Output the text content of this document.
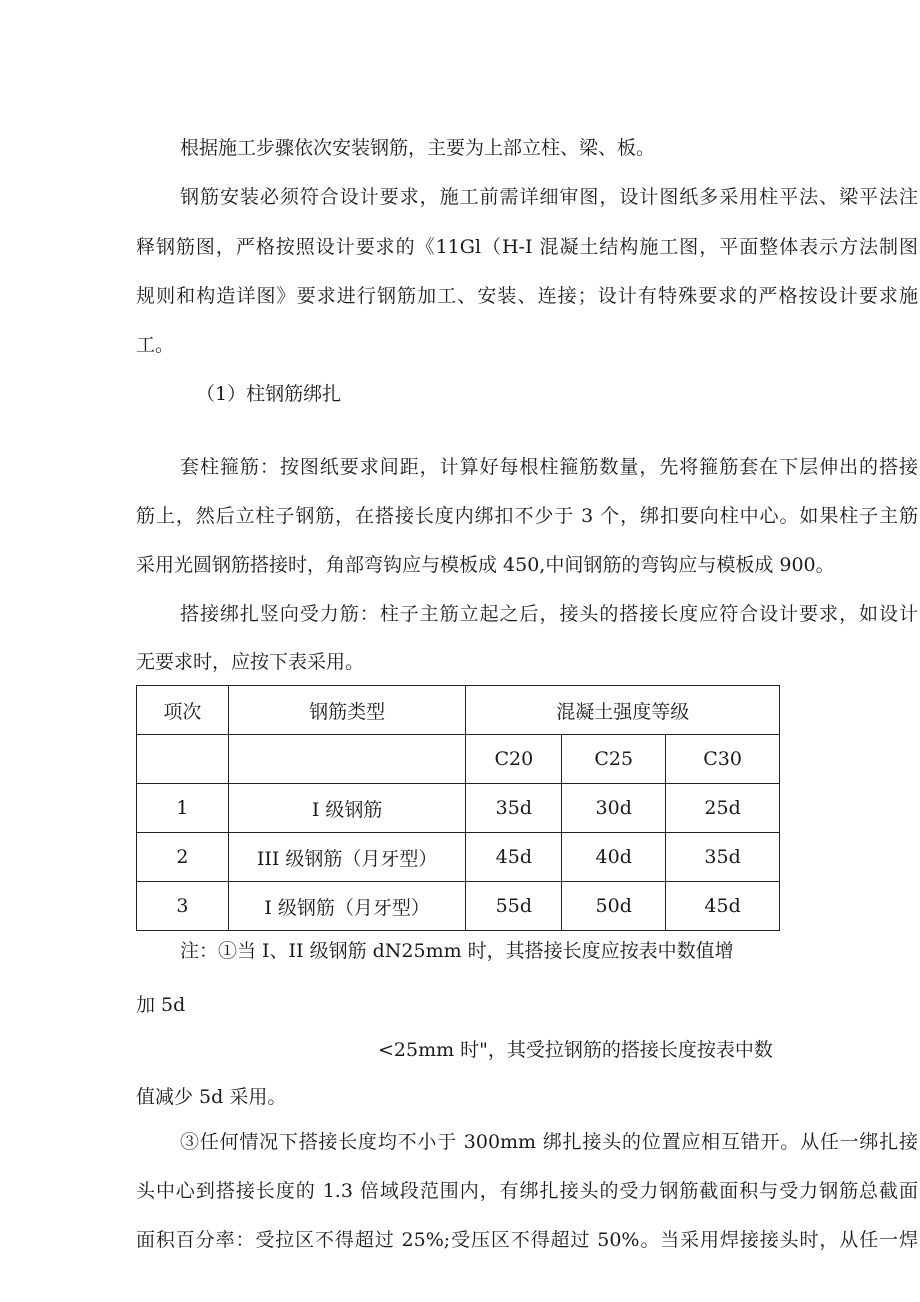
根据施工步骤依次安装钢筋，主要为上部立柱、梁、板。

钢筋安装必须符合设计要求，施工前需详细审图，设计图纸多采用柱平法、梁平法注

释钢筋图，严格按照设计要求的《11Gl（H-I 混凝土结构施工图，平面整体表示方法制图

规则和构造详图》要求进行钢筋加工、安装、连接；设计有特殊要求的严格按设计要求施

工。

（1）柱钢筋绑扎

套柱箍筋：按图纸要求间距，计算好每根柱箍筋数量，先将箍筋套在下层伸出的搭接

筋上，然后立柱子钢筋，在搭接长度内绑扣不少于 3 个，绑扣要向柱中心。如果柱子主筋

采用光圆钢筋搭接时，角部弯钩应与模板成 450,中间钢筋的弯钩应与模板成 900。

搭接绑扎竖向受力筋：柱子主筋立起之后，接头的搭接长度应符合设计要求，如设计

无要求时，应按下表采用。

项次	钢筋类型	混凝土强度等级		
		C20	C25	C30
1	I 级钢筋	35d	30d	25d
2	III 级钢筋（月牙型）	45d	40d	35d
3	I 级钢筋（月牙型）	55d	50d	45d

注：①当 I、II 级钢筋 dN25mm 时，其搭接长度应按表中数值增

加 5d

<25mm 时"，其受拉钢筋的搭接长度按表中数

值减少 5d 采用。

③任何情况下搭接长度均不小于 300mm 绑扎接头的位置应相互错开。从任一绑扎接

头中心到搭接长度的 1.3 倍域段范围内，有绑扎接头的受力钢筋截面积与受力钢筋总截面

面积百分率：受拉区不得超过 25%;受压区不得超过 50%。当采用焊接接头时，从任一焊
